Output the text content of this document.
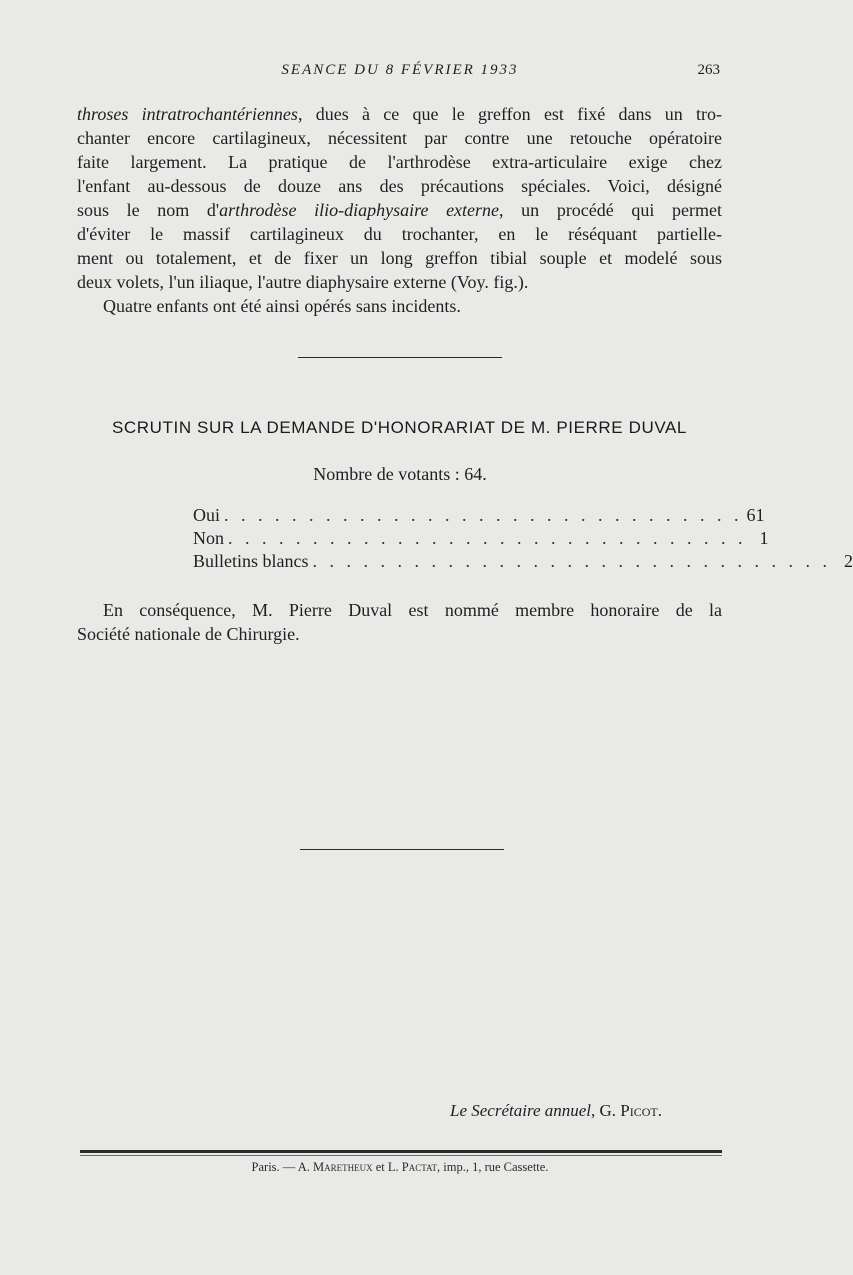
SEANCE DU 8 FÉVRIER 1933	263

throses intratrochantériennes, dues à ce que le greffon est fixé dans un tro-
chanter encore cartilagineux, nécessitent par contre une retouche opératoire
faite largement. La pratique de l'arthrodèse extra-articulaire exige chez
l'enfant au-dessous de douze ans des précautions spéciales. Voici, désigné
sous le nom d'arthrodèse ilio-diaphysaire externe, un procédé qui permet
d'éviter le massif cartilagineux du trochanter, en le réséquant partielle-
ment ou totalement, et de fixer un long greffon tibial souple et modelé sous
deux volets, l'un iliaque, l'autre diaphysaire externe (Voy. fig.).

Quatre enfants ont été ainsi opérés sans incidents.

SCRUTIN SUR LA DEMANDE D'HONORARIAT DE M. PIERRE DUVAL
Nombre de votants : 64.
Oui . . . . . . . . . . . . . . . . . . . . . . . . . . . . . . . 61
Non . . . . . . . . . . . . . . . . . . . . . . . . . . . . . . . 1
Bulletins blancs . . . . . . . . . . . . . . . . . . . . . . . . . . . . . . . 2
En conséquence, M. Pierre Duval est nommé membre honoraire de la
Société nationale de Chirurgie.
Le Secrétaire annuel, G. Picot.
Paris. — A. Maretheux et L. Pactat, imp., 1, rue Cassette.
